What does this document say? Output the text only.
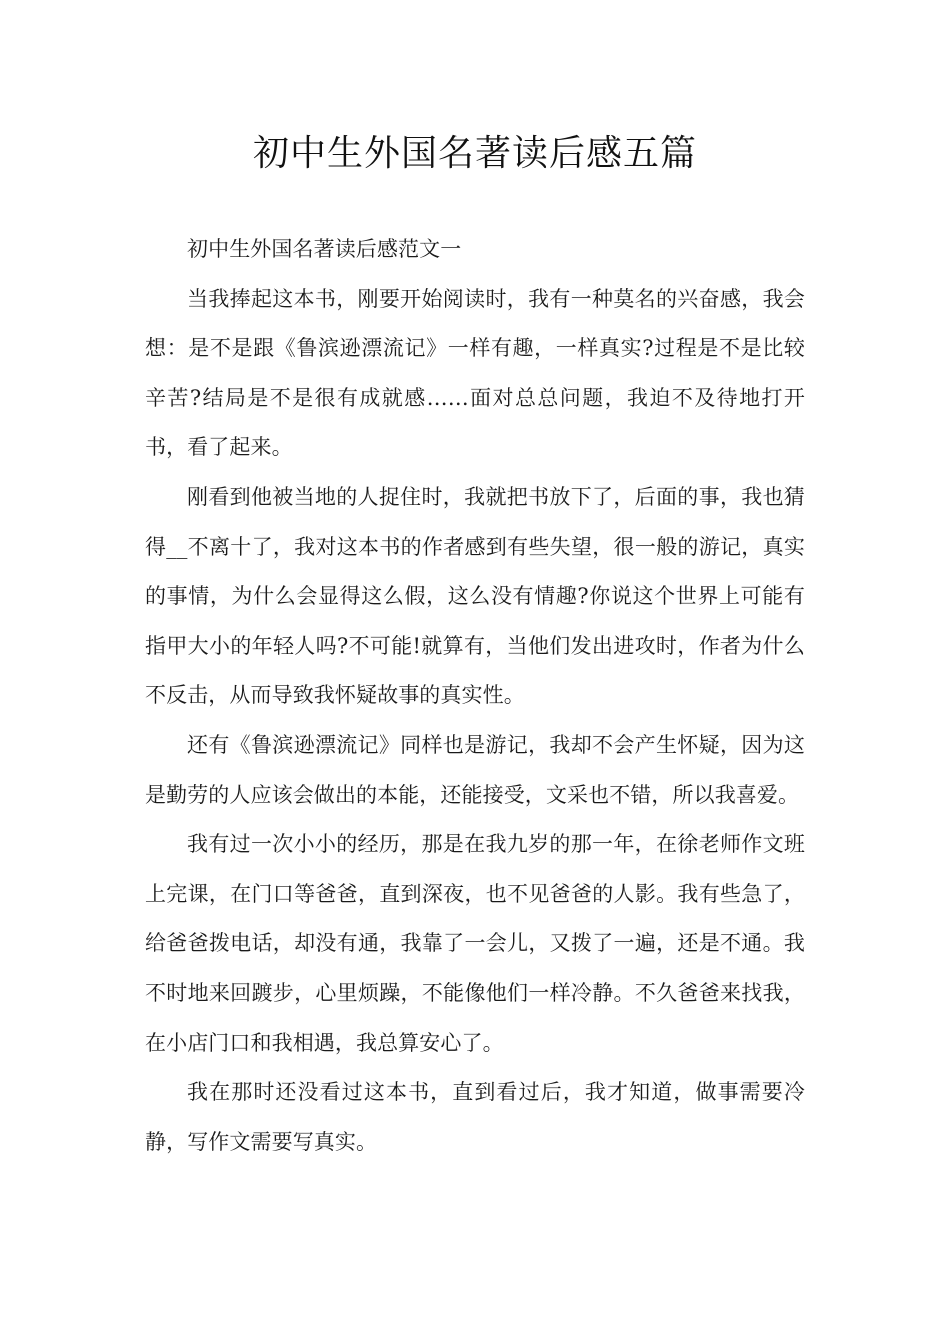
初中生外国名著读后感五篇

初中生外国名著读后感范文一

当我捧起这本书，刚要开始阅读时，我有一种莫名的兴奋感，我会想：是不是跟《鲁滨逊漂流记》一样有趣，一样真实?过程是不是比较辛苦?结局是不是很有成就感……面对总总问题，我迫不及待地打开书，看了起来。

刚看到他被当地的人捉住时，我就把书放下了，后面的事，我也猜得__不离十了，我对这本书的作者感到有些失望，很一般的游记，真实的事情，为什么会显得这么假，这么没有情趣?你说这个世界上可能有指甲大小的年轻人吗?不可能!就算有，当他们发出进攻时，作者为什么不反击，从而导致我怀疑故事的真实性。

还有《鲁滨逊漂流记》同样也是游记，我却不会产生怀疑，因为这是勤劳的人应该会做出的本能，还能接受，文采也不错，所以我喜爱。

我有过一次小小的经历，那是在我九岁的那一年，在徐老师作文班上完课，在门口等爸爸，直到深夜，也不见爸爸的人影。我有些急了，给爸爸拨电话，却没有通，我靠了一会儿，又拨了一遍，还是不通。我不时地来回踱步，心里烦躁，不能像他们一样冷静。不久爸爸来找我，在小店门口和我相遇，我总算安心了。

我在那时还没看过这本书，直到看过后，我才知道，做事需要冷静，写作文需要写真实。
